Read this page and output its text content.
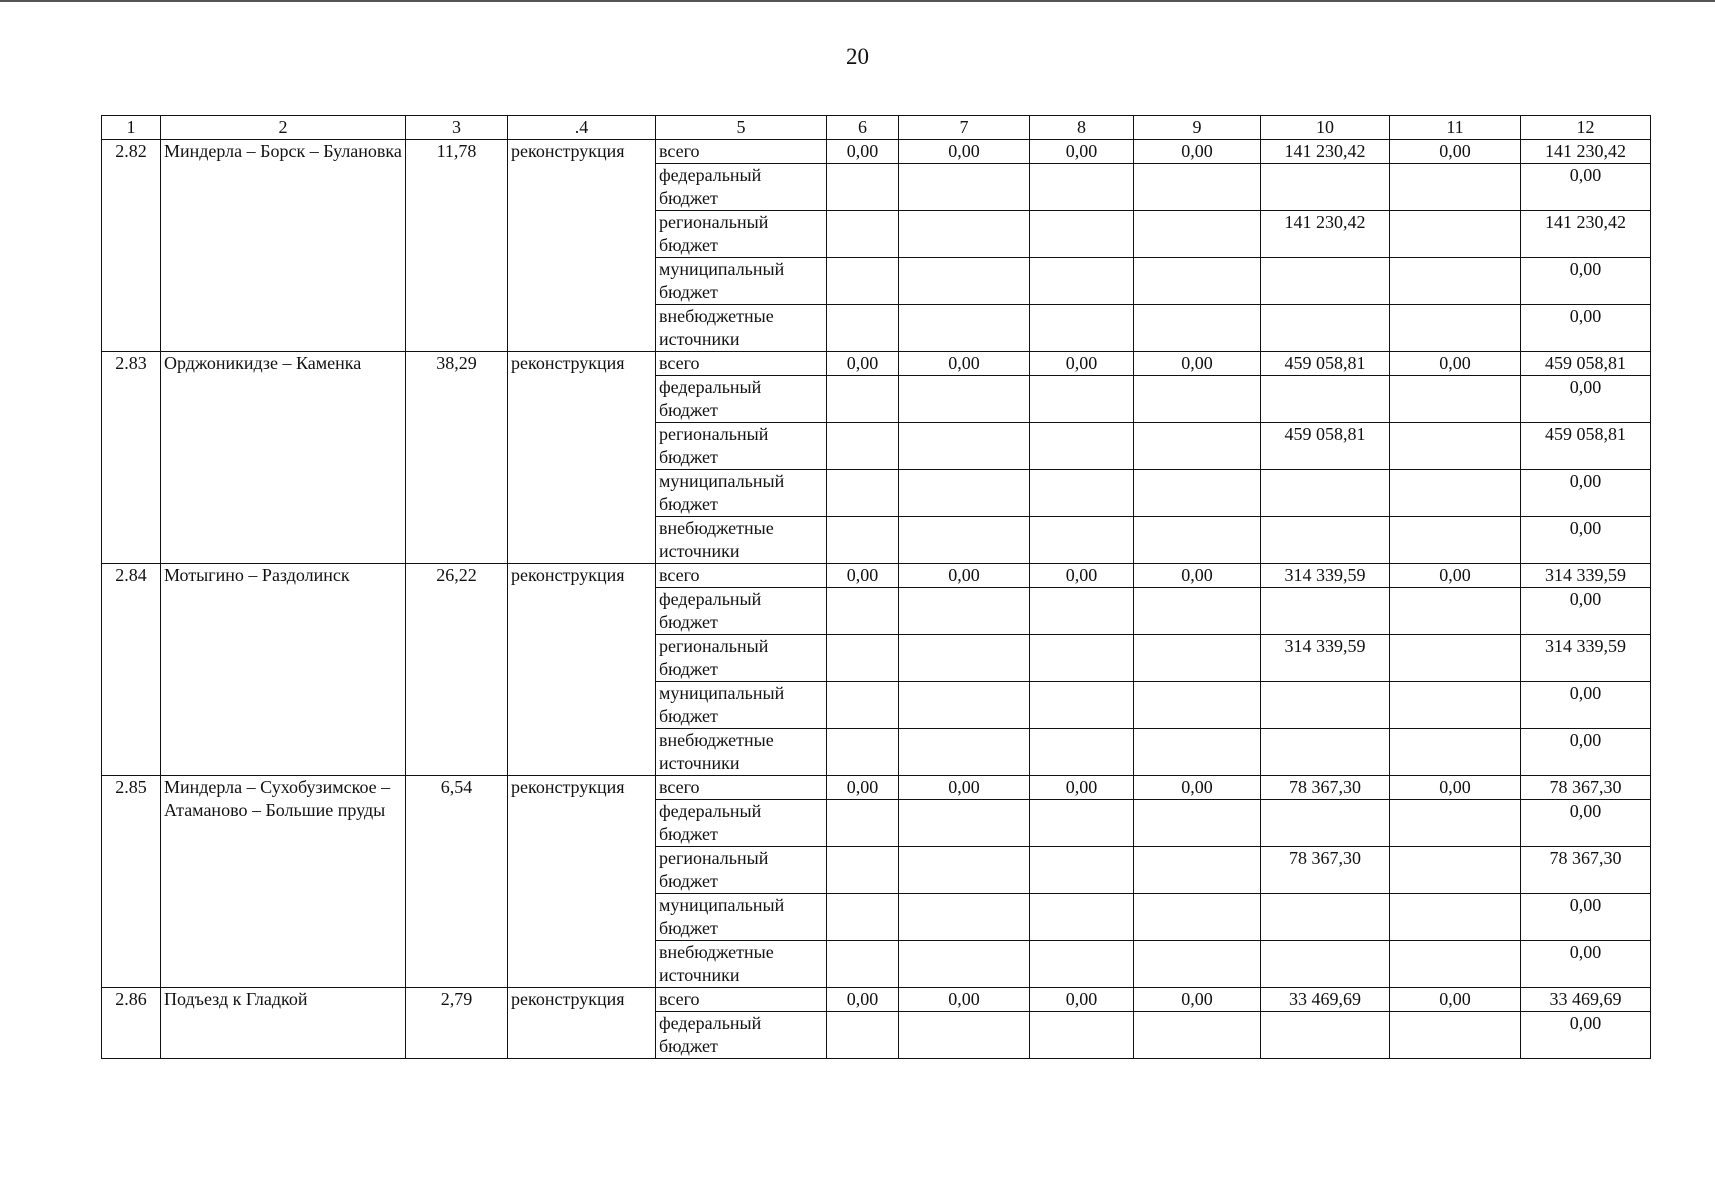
20
1	2	3	.4	5	6	7	8	9	10	11	12
2.82	Миндерла – Борск – Булановка	11,78	реконструкция	всего	0,00	0,00	0,00	0,00	141 230,42	0,00	141 230,42
				федеральный бюджет							0,00
				региональный бюджет					141 230,42		141 230,42
				муниципальный бюджет							0,00
				внебюджетные источники							0,00
2.83	Орджоникидзе – Каменка	38,29	реконструкция	всего	0,00	0,00	0,00	0,00	459 058,81	0,00	459 058,81
				федеральный бюджет							0,00
				региональный бюджет					459 058,81		459 058,81
				муниципальный бюджет							0,00
				внебюджетные источники							0,00
2.84	Мотыгино – Раздолинск	26,22	реконструкция	всего	0,00	0,00	0,00	0,00	314 339,59	0,00	314 339,59
				федеральный бюджет							0,00
				региональный бюджет					314 339,59		314 339,59
				муниципальный бюджет							0,00
				внебюджетные источники							0,00
2.85	Миндерла – Сухобузимское – Атаманово – Большие пруды	6,54	реконструкция	всего	0,00	0,00	0,00	0,00	78 367,30	0,00	78 367,30
				федеральный бюджет							0,00
				региональный бюджет					78 367,30		78 367,30
				муниципальный бюджет							0,00
				внебюджетные источники							0,00
2.86	Подъезд к Гладкой	2,79	реконструкция	всего	0,00	0,00	0,00	0,00	33 469,69	0,00	33 469,69
				федеральный бюджет							0,00
